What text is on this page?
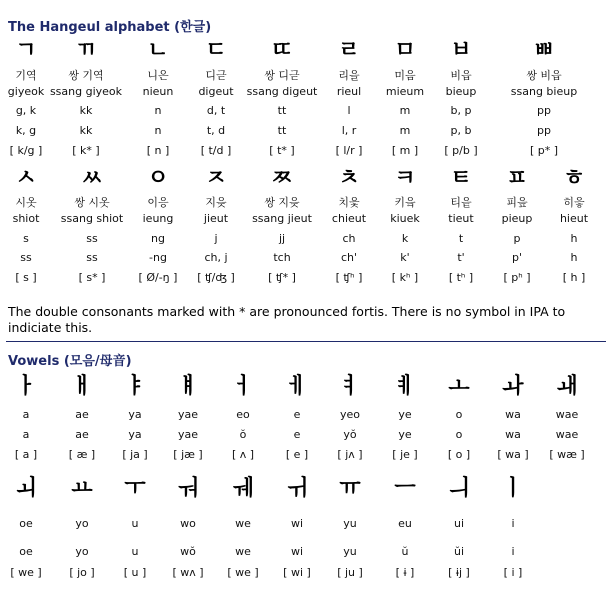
The Hangeul alphabet (한글)
ㄱ
기역
giyeok
g, k
k, g
[ k/g ]
ㄲ
쌍 기역
ssang giyeok
kk
kk
[ k* ]
ㄴ
니은
nieun
n
n
[ n ]
ㄷ
디귿
digeut
d, t
t, d
[ t/d ]
ㄸ
쌍 디귿
ssang digeut
tt
tt
[ t* ]
ㄹ
리을
rieul
l
l, r
[ l/r ]
ㅁ
미음
mieum
m
m
[ m ]
ㅂ
비읍
bieup
b, p
p, b
[ p/b ]
ㅃ
쌍 비읍
ssang bieup
pp
pp
[ p* ]
ㅅ
시옷
shiot
s
ss
[ s ]
ㅆ
쌍 시옷
ssang shiot
ss
ss
[ s* ]
ㅇ
이응
ieung
ng
-ng
[ Ø/-ŋ ]
ㅈ
지읒
jieut
j
ch, j
[ ʧ/ʤ ]
ㅉ
쌍 지읒
ssang jieut
jj
tch
[ ʧ* ]
ㅊ
치읓
chieut
ch
ch'
[ ʧʰ ]
ㅋ
키읔
kiuek
k
k'
[ kʰ ]
ㅌ
티읕
tieut
t
t'
[ tʰ ]
ㅍ
피읖
pieup
p
p'
[ pʰ ]
ㅎ
히읗
hieut
h
h
[ h ]
The double consonants marked with * are pronounced fortis. There is no symbol in IPA to indiciate this.
Vowels (모음/母音)
ㅏ
a
a
[ a ]
ㅐ
ae
ae
[ æ ]
ㅑ
ya
ya
[ ja ]
ㅒ
yae
yae
[ jæ ]
ㅓ
eo
ŏ
[ ʌ ]
ㅔ
e
e
[ e ]
ㅕ
yeo
yŏ
[ jʌ ]
ㅖ
ye
ye
[ je ]
ㅗ
o
o
[ o ]
ㅘ
wa
wa
[ wa ]
ㅙ
wae
wae
[ wæ ]
ㅚ
oe
oe
[ we ]
ㅛ
yo
yo
[ jo ]
ㅜ
u
u
[ u ]
ㅝ
wo
wŏ
[ wʌ ]
ㅞ
we
we
[ we ]
ㅟ
wi
wi
[ wi ]
ㅠ
yu
yu
[ ju ]
ㅡ
eu
ŭ
[ ɨ ]
ㅢ
ui
ŭi
[ ɨj ]
ㅣ
i
i
[ i ]
